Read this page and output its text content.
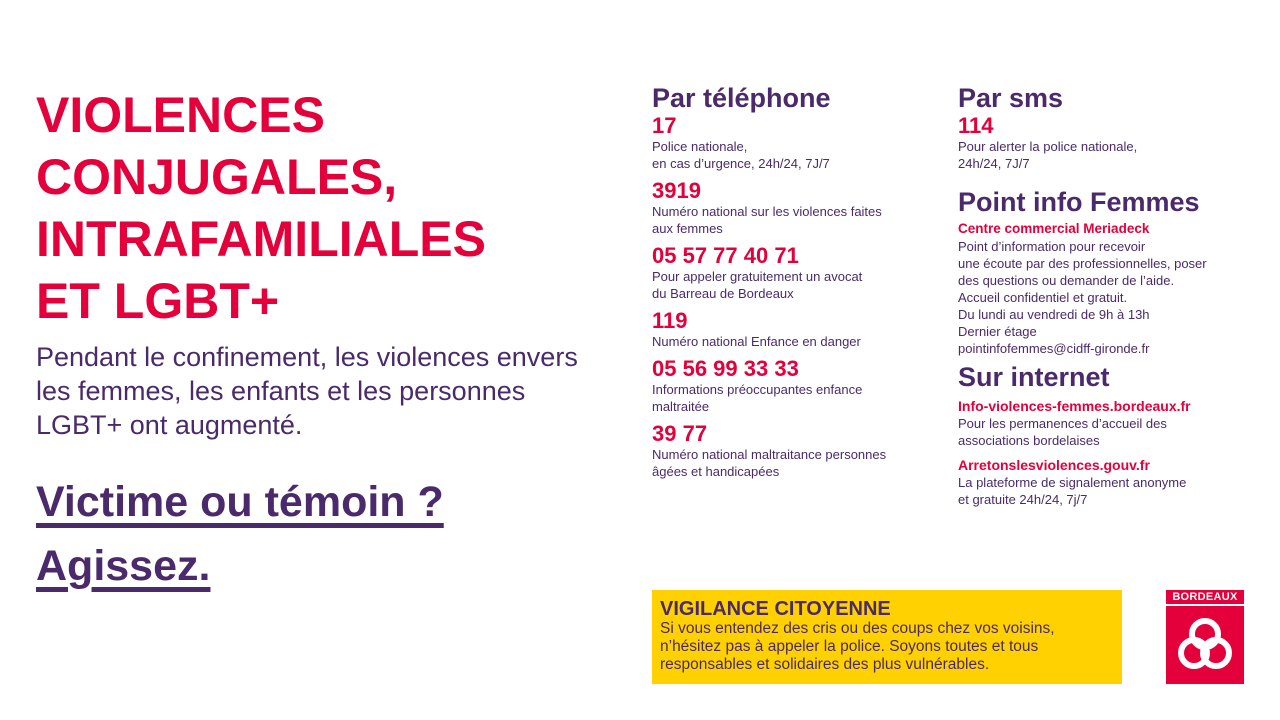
VIOLENCES
CONJUGALES,
INTRAFAMILIALES
ET LGBT+

Pendant le confinement, les violences envers les femmes, les enfants et les personnes LGBT+ ont augmenté.

Victime ou témoin ?
Agissez.
Par téléphone
17
Police nationale,
en cas d’urgence, 24h/24, 7J/7
3919
Numéro national sur les violences faites
aux femmes
05 57 77 40 71
Pour appeler gratuitement un avocat
du Barreau de Bordeaux
119
Numéro national Enfance en danger
05 56 99 33 33
Informations préoccupantes enfance
maltraitée
39 77
Numéro national maltraitance personnes
âgées et handicapées
Par sms
114
Pour alerter la police nationale,
24h/24, 7J/7
Point info Femmes
Centre commercial Meriadeck
Point d’information pour recevoir
une écoute par des professionnelles, poser
des questions ou demander de l’aide.
Accueil confidentiel et gratuit.
Du lundi au vendredi de 9h à 13h
Dernier étage
pointinfofemmes@cidff-gironde.fr
Sur internet
Info-violences-femmes.bordeaux.fr
Pour les permanences d’accueil des
associations bordelaises
Arretonslesviolences.gouv.fr
La plateforme de signalement anonyme
et gratuite 24h/24, 7j/7
VIGILANCE CITOYENNE
Si vous entendez des cris ou des coups chez vos voisins,
n’hésitez pas à appeler la police. Soyons toutes et tous
responsables et solidaires des plus vulnérables.
BORDEAUX
